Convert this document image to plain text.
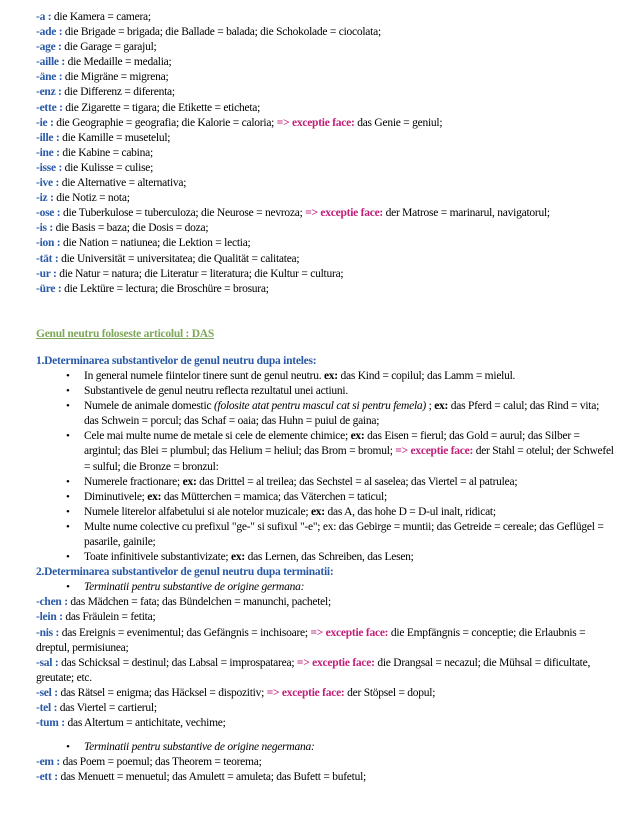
-a : die Kamera = camera;
-ade : die Brigade = brigada; die Ballade = balada; die Schokolade = ciocolata;
-age : die Garage = garajul;
-aille : die Medaille = medalia;
-äne : die Migräne = migrena;
-enz : die Differenz = diferenta;
-ette : die Zigarette = tigara; die Etikette = eticheta;
-ie : die Geographie = geografia; die Kalorie = caloria; => exceptie face: das Genie = geniul;
-ille : die Kamille = musetelul;
-ine : die Kabine = cabina;
-isse : die Kulisse = culise;
-ive : die Alternative = alternativa;
-iz : die Notiz = nota;
-ose : die Tuberkulose = tuberculoza; die Neurose = nevroza; => exceptie face: der Matrose = marinarul, navigatorul;
-is : die Basis = baza; die Dosis = doza;
-ion : die Nation = natiunea; die Lektion = lectia;
-tät : die Universität = universitatea; die Qualität = calitatea;
-ur : die Natur = natura; die Literatur = literatura; die Kultur = cultura;
-üre : die Lektüre = lectura; die Broschüre = brosura;
Genul neutru foloseste articolul : DAS
1.Determinarea substantivelor de genul neutru dupa inteles:
• In general numele fiintelor tinere sunt de genul neutru. ex: das Kind = copilul; das Lamm = mielul.
• Substantivele de genul neutru reflecta rezultatul unei actiuni.
• Numele de animale domestic (folosite atat pentru mascul cat si pentru femela) ; ex: das Pferd = calul; das Rind = vita; das Schwein = porcul; das Schaf = oaia; das Huhn = puiul de gaina;
• Cele mai multe nume de metale si cele de elemente chimice; ex: das Eisen = fierul; das Gold = aurul; das Silber = argintul; das Blei = plumbul; das Helium = heliul; das Brom = bromul; => exceptie face: der Stahl = otelul; der Schwefel = sulful; die Bronze = bronzul:
• Numerele fractionare; ex: das Drittel = al treilea; das Sechstel = al saselea; das Viertel = al patrulea;
• Diminutivele; ex: das Mütterchen = mamica; das Väterchen = taticul;
• Numele literelor alfabetului si ale notelor muzicale; ex: das A, das hohe D = D-ul inalt, ridicat;
• Multe nume colective cu prefixul "ge-" si sufixul "-e"; ex: das Gebirge = muntii; das Getreide = cereale; das Geflügel = pasarile, gainile;
• Toate infinitivele substantivizate; ex: das Lernen, das Schreiben, das Lesen;
2.Determinarea substantivelor de genul neutru dupa terminatii:
• Terminatii pentru substantive de origine germana:
-chen : das Mädchen = fata; das Bündelchen = manunchi, pachetel;
-lein : das Fräulein = fetita;
-nis : das Ereignis = evenimentul; das Gefängnis = inchisoare; => exceptie face: die Empfängnis = conceptie; die Erlaubnis = dreptul, permisiunea;
-sal : das Schicksal = destinul; das Labsal = improspatarea; => exceptie face: die Drangsal = necazul; die Mühsal = dificultate, greutate; etc.
-sel : das Rätsel = enigma; das Häcksel = dispozitiv; => exceptie face: der Stöpsel = dopul;
-tel : das Viertel = cartierul;
-tum : das Altertum = antichitate, vechime;
• Terminatii pentru substantive de origine negermana:
-em : das Poem = poemul; das Theorem = teorema;
-ett : das Menuett = menuetul; das Amulett = amuleta; das Bufett = bufetul;
